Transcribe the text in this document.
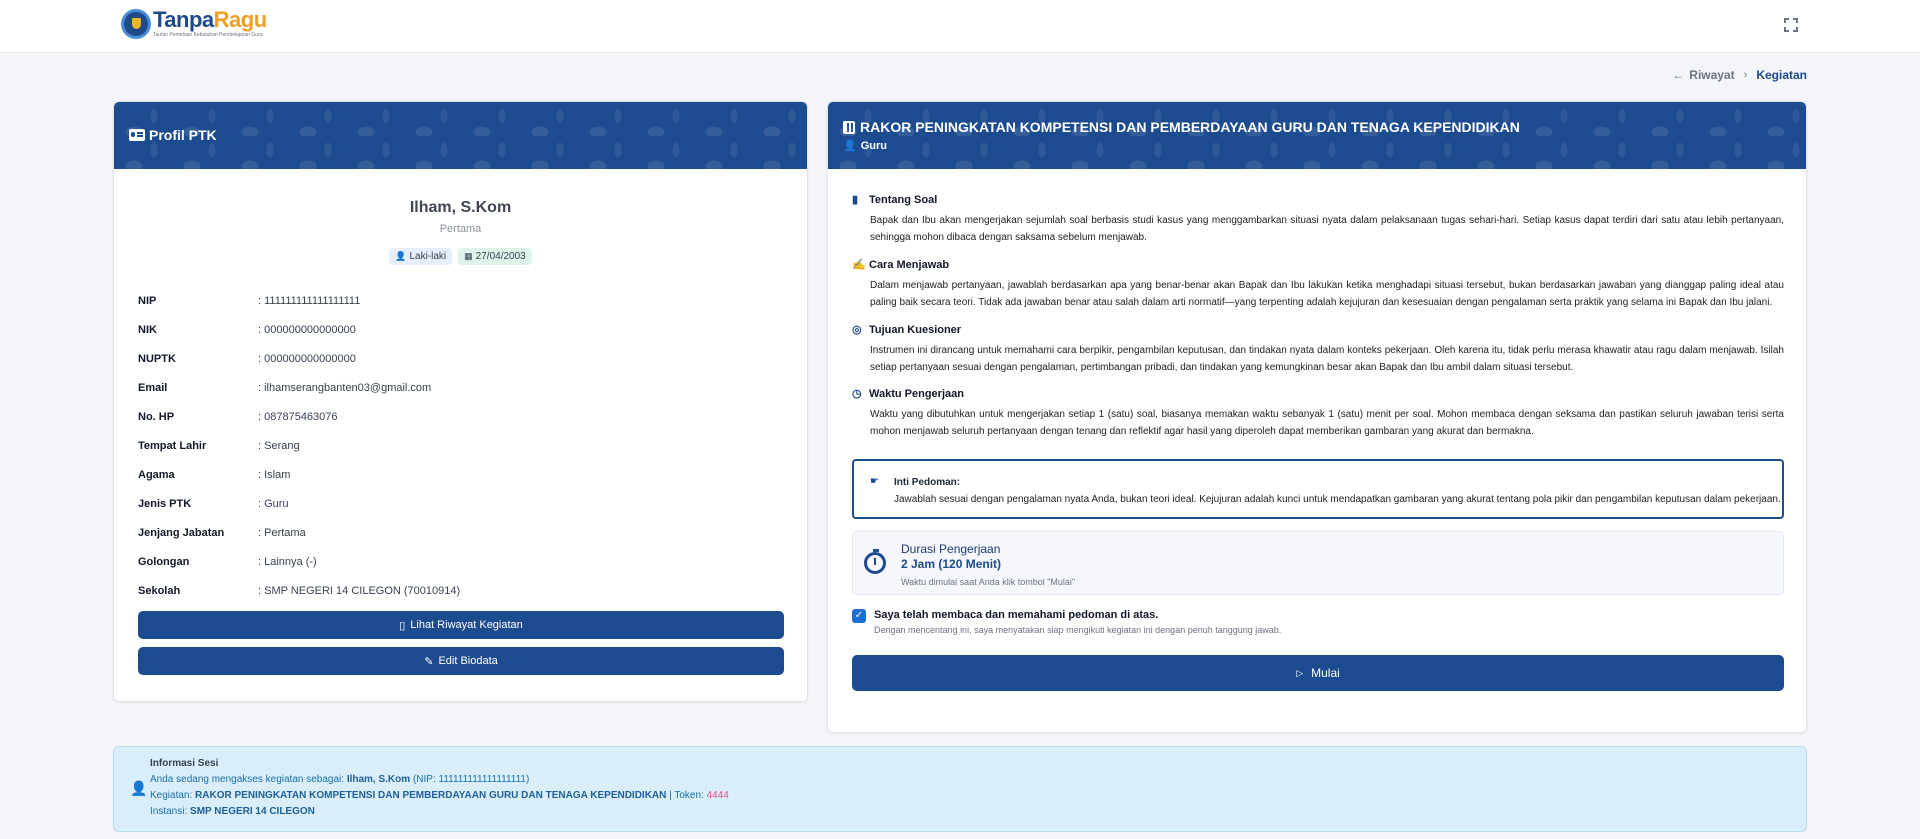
TanpaRagu
Tautan Pemetaan Kebutuhan Pembelajaran Guru
← Riwayat › Kegiatan
Profil PTK
Ilham, S.Kom
Pertama
👤 Laki-laki ▦ 27/04/2003
NIP	: 111111111111111111
NIK	: 000000000000000
NUPTK	: 000000000000000
Email	: ilhamserangbanten03@gmail.com
No. HP	: 087875463076
Tempat Lahir	: Serang
Agama	: Islam
Jenis PTK	: Guru
Jenjang Jabatan	: Pertama
Golongan	: Lainnya (-)
Sekolah	: SMP NEGERI 14 CILEGON (70010914)
▯ Lihat Riwayat Kegiatan
✎ Edit Biodata
RAKOR PENINGKATAN KOMPETENSI DAN PEMBERDAYAAN GURU DAN TENAGA KEPENDIDIKAN
👤 Guru
▮ Tentang Soal
Bapak dan Ibu akan mengerjakan sejumlah soal berbasis studi kasus yang menggambarkan situasi nyata dalam pelaksanaan tugas sehari-hari. Setiap kasus dapat terdiri dari satu atau lebih pertanyaan, sehingga mohon dibaca dengan saksama sebelum menjawab.
✍ Cara Menjawab
Dalam menjawab pertanyaan, jawablah berdasarkan apa yang benar-benar akan Bapak dan Ibu lakukan ketika menghadapi situasi tersebut, bukan berdasarkan jawaban yang dianggap paling ideal atau paling baik secara teori. Tidak ada jawaban benar atau salah dalam arti normatif—yang terpenting adalah kejujuran dan kesesuaian dengan pengalaman serta praktik yang selama ini Bapak dan Ibu jalani.
◎ Tujuan Kuesioner
Instrumen ini dirancang untuk memahami cara berpikir, pengambilan keputusan, dan tindakan nyata dalam konteks pekerjaan. Oleh karena itu, tidak perlu merasa khawatir atau ragu dalam menjawab. Isilah setiap pertanyaan sesuai dengan pengalaman, pertimbangan pribadi, dan tindakan yang kemungkinan besar akan Bapak dan Ibu ambil dalam situasi tersebut.
◷ Waktu Pengerjaan
Waktu yang dibutuhkan untuk mengerjakan setiap 1 (satu) soal, biasanya memakan waktu sebanyak 1 (satu) menit per soal. Mohon membaca dengan seksama dan pastikan seluruh jawaban terisi serta mohon menjawab seluruh pertanyaan dengan tenang dan reflektif agar hasil yang diperoleh dapat memberikan gambaran yang akurat dan bermakna.
☛ Inti Pedoman:
Jawablah sesuai dengan pengalaman nyata Anda, bukan teori ideal. Kejujuran adalah kunci untuk mendapatkan gambaran yang akurat tentang pola pikir dan pengambilan keputusan dalam pekerjaan.
Durasi Pengerjaan
2 Jam (120 Menit)
Waktu dimulai saat Anda klik tombol "Mulai"
✓ Saya telah membaca dan memahami pedoman di atas.
Dengan mencentang ini, saya menyatakan siap mengikuti kegiatan ini dengan penuh tanggung jawab.
▷ Mulai
👤
Informasi Sesi
Anda sedang mengakses kegiatan sebagai: Ilham, S.Kom (NIP: 111111111111111111)
Kegiatan: RAKOR PENINGKATAN KOMPETENSI DAN PEMBERDAYAAN GURU DAN TENAGA KEPENDIDIKAN | Token: 4444
Instansi: SMP NEGERI 14 CILEGON
